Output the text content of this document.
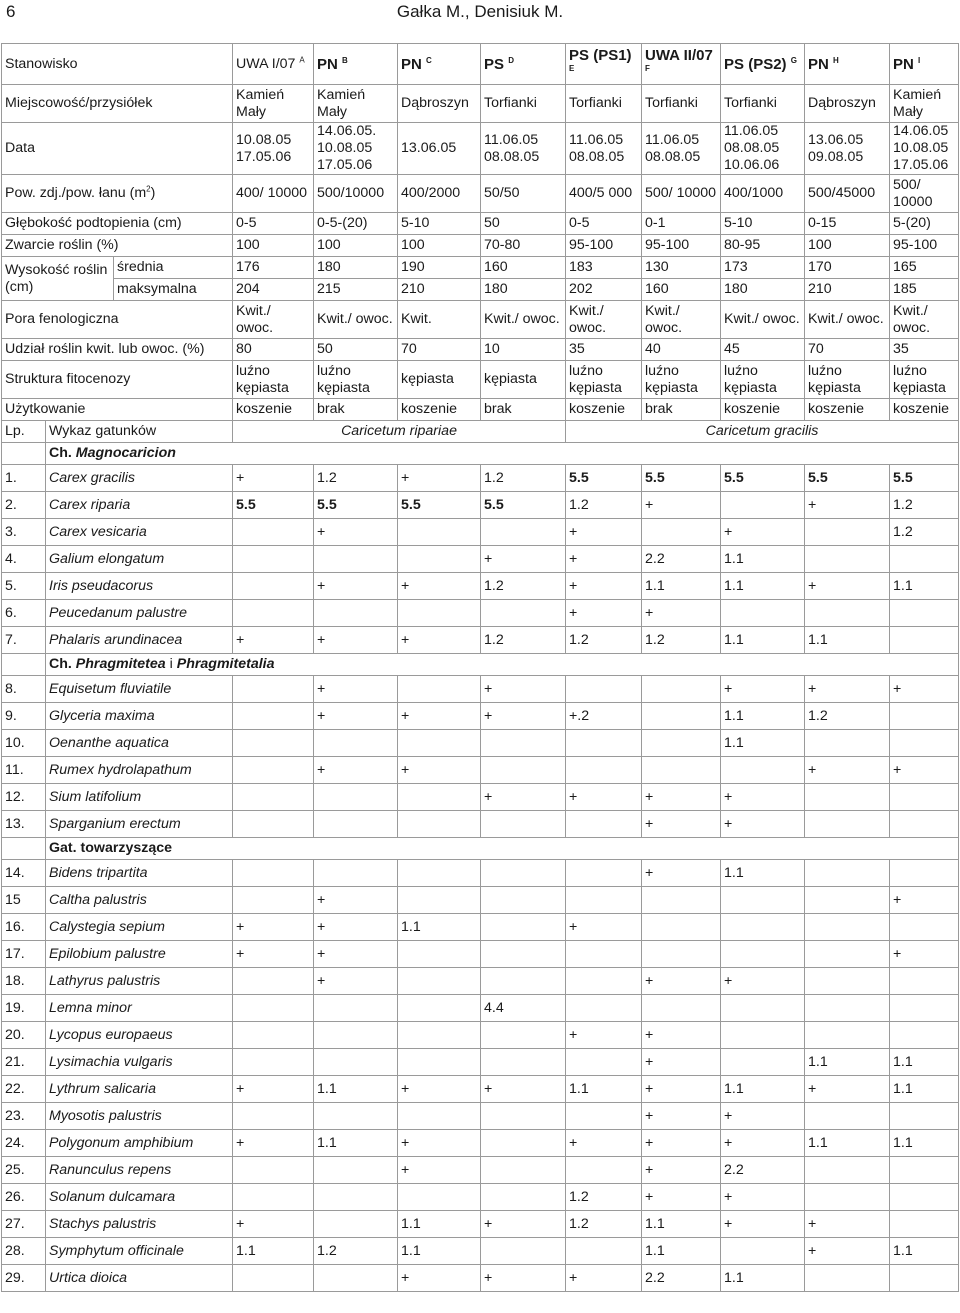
6	Gałka M., Denisiuk M.
Stanowisko			UWA I/07 $^A$	PN $^B$	PN $^C$	PS $^D$	PS (PS1) $^E$	UWA II/07 $^F$	PS (PS2) $^G$	PN $^H$	PN $^I$
Miejscowość/przysiółek			Kamień Mały	Kamień Mały	Dąbroszyn	Torfianki	Torfianki	Torfianki	Torfianki	Dąbroszyn	Kamień Mały
Data			10.08.05 17.05.06	14.06.05. 10.08.05 17.05.06	13.06.05	11.06.05 08.08.05	11.06.05 08.08.05	11.06.05 08.08.05	11.06.05 08.08.05 10.06.06	13.06.05 09.08.05	14.06.05 10.08.05 17.05.06
Pow. zdj./pow. łanu $(m^2)$			400/ 10000	500/10000	400/2000	50/50	400/5 000	500/ 10000	400/1000	500/45000	500/ 10000
Głębokość podtopienia (cm)			0-5	0-5-(20)	5-10	50	0-5	0-1	5-10	0-15	5-(20)
Zwarcie roślin (%)			100	100	100	70-80	95-100	95-100	80-95	100	95-100
Wysokość roślin (cm)		średnia	176	180	190	160	183	130	173	170	165
		maksymalna	204	215	210	180	202	160	180	210	185
Pora fenologiczna			Kwit./ owoc.	Kwit./ owoc.	Kwit.	Kwit./ owoc.	Kwit./ owoc.	Kwit./ owoc.	Kwit./ owoc.	Kwit./ owoc.	Kwit./ owoc.
Udział roślin kwit. lub owoc. (%)			80	50	70	10	35	40	45	70	35
Struktura fitocenozy			luźno kępiasta	luźno kępiasta	kępiasta	kępiasta	luźno kępiasta	luźno kępiasta	luźno kępiasta	luźno kępiasta	luźno kępiasta
Użytkowanie			koszenie	brak	koszenie	brak	koszenie	brak	koszenie	koszenie	koszenie
Lp.	Wykaz gatunków		Caricetum ripariae				Caricetum gracilis				
	Ch. Magnocaricion										
1.	Carex gracilis		+	1.2	+	1.2	5.5	5.5	5.5	5.5	5.5
2.	Carex riparia		5.5	5.5	5.5	5.5	1.2	+		+	1.2
3.	Carex vesicaria			+			+		+		1.2
4.	Galium elongatum					+	+	2.2	1.1		
5.	Iris pseudacorus			+	+	1.2	+	1.1	1.1	+	1.1
6.	Peucedanum palustre						+	+			
7.	Phalaris arundinacea		+	+	+	1.2	1.2	1.2	1.1	1.1	
	Ch. Phragmitetea i Phragmitetalia										
8.	Equisetum fluviatile			+		+			+	+	+
9.	Glyceria maxima			+	+	+	+.2		1.1	1.2	
10.	Oenanthe aquatica								1.1		
11.	Rumex hydrolapathum			+	+					+	+
12.	Sium latifolium					+	+	+	+		
13.	Sparganium erectum							+	+		
	Gat. towarzyszące										
14.	Bidens tripartita							+	1.1		
15	Caltha palustris			+							+
16.	Calystegia sepium		+	+	1.1		+				
17.	Epilobium palustre		+	+							+
18.	Lathyrus palustris			+				+	+		
19.	Lemna minor					4.4					
20.	Lycopus europaeus						+	+			
21.	Lysimachia vulgaris							+		1.1	1.1
22.	Lythrum salicaria		+	1.1	+	+	1.1	+	1.1	+	1.1
23.	Myosotis palustris							+	+		
24.	Polygonum amphibium		+	1.1	+		+	+	+	1.1	1.1
25.	Ranunculus repens				+			+	2.2		
26.	Solanum dulcamara						1.2	+	+		
27.	Stachys palustris		+		1.1	+	1.2	1.1	+	+	
28.	Symphytum officinale		1.1	1.2	1.1			1.1		+	1.1
29.	Urtica dioica				+	+	+	2.2	1.1		
